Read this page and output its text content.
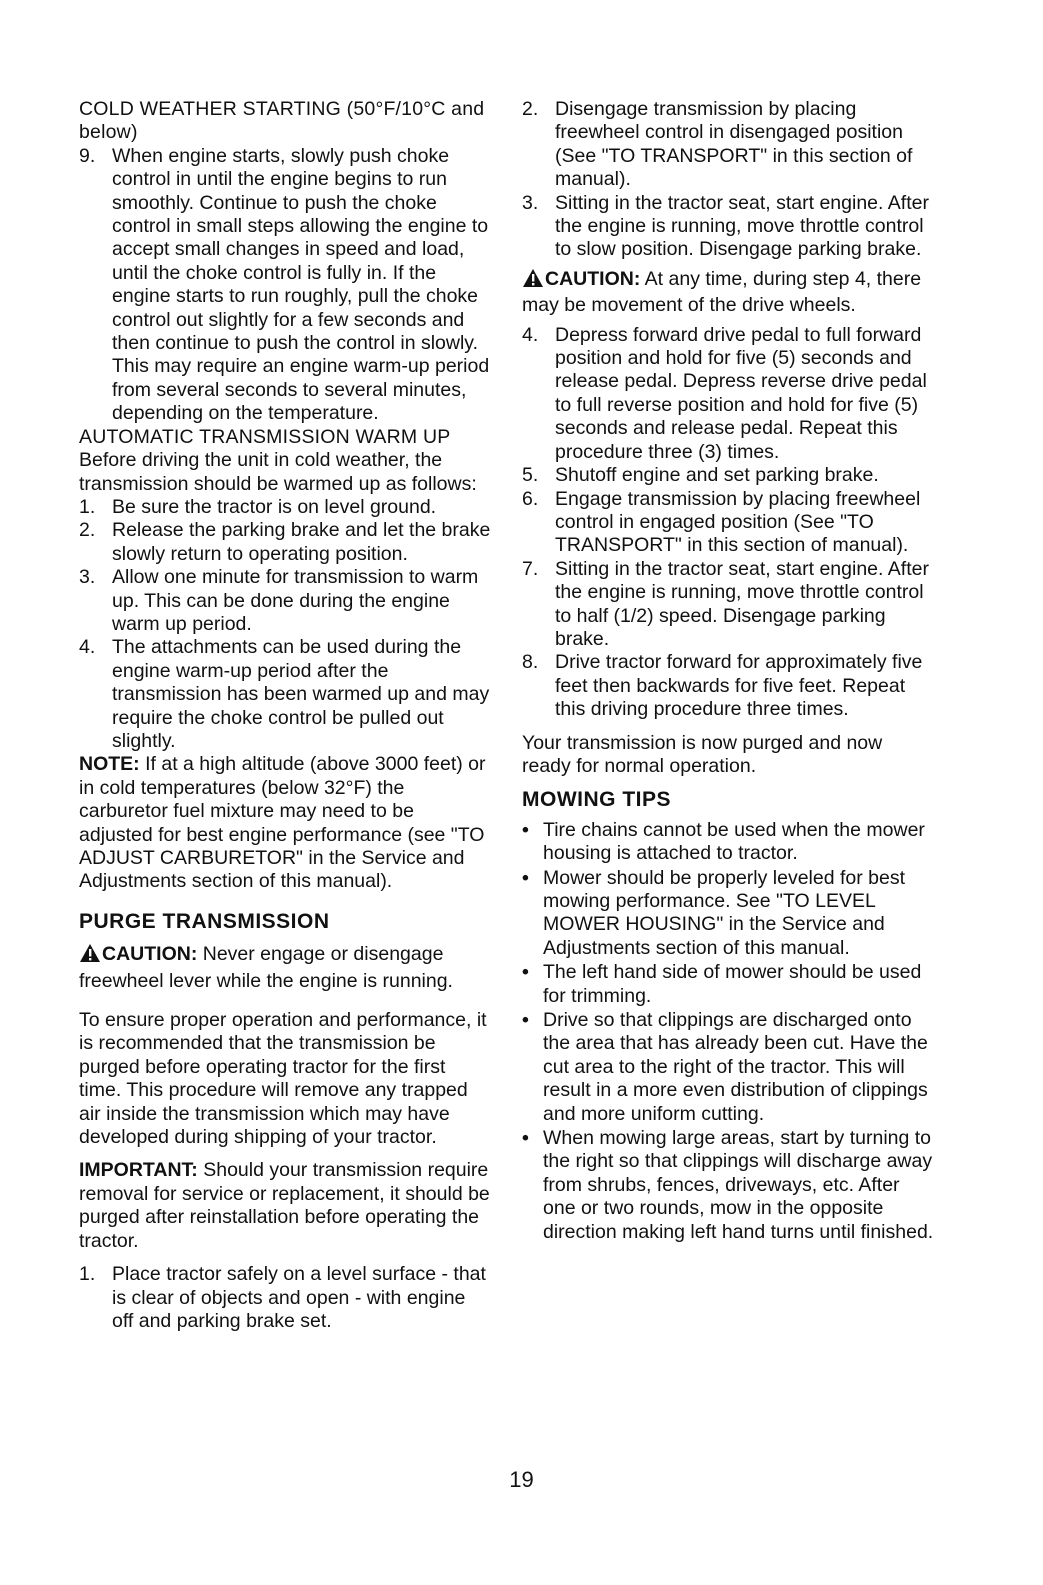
COLD WEATHER STARTING (50°F/10°C and below)

9. When engine starts, slowly push choke control in until the engine begins to run smoothly. Continue to push the choke control in small steps allowing the engine to accept small changes in speed and load, until the choke control is fully in. If the engine starts to run roughly, pull the choke control out slightly for a few seconds and then continue to push the control in slowly. This may require an engine warm-up period from several seconds to several minutes, depending on the temperature.

AUTOMATIC TRANSMISSION WARM UP

Before driving the unit in cold weather, the transmission should be warmed up as follows:

1. Be sure the tractor is on level ground.
2. Release the parking brake and let the brake slowly return to operating position.
3. Allow one minute for transmission to warm up. This can be done during the engine warm up period.
4. The attachments can be used during the engine warm-up period after the transmission has been warmed up and may require the choke control be pulled out slightly.

NOTE: If at a high altitude (above 3000 feet) or in cold temperatures (below 32°F) the carburetor fuel mixture may need to be adjusted for best engine performance (see "TO ADJUST CARBURETOR" in the Service and Adjustments section of this manual).

PURGE TRANSMISSION

CAUTION: Never engage or disengage freewheel lever while the engine is running.

To ensure proper operation and performance, it is recommended that the transmission be purged before operating tractor for the first time. This procedure will remove any trapped air inside the transmission which may have developed during shipping of your tractor.

IMPORTANT: Should your transmission require removal for service or replacement, it should be purged after reinstallation before operating the tractor.

1. Place tractor safely on a level surface - that is clear of objects and open - with engine off and parking brake set.
2. Disengage transmission by placing freewheel control in disengaged position (See "TO TRANSPORT" in this section of manual).
3. Sitting in the tractor seat, start engine. After the engine is running, move throttle control to slow position. Disengage parking brake.

CAUTION: At any time, during step 4, there may be movement of the drive wheels.

4. Depress forward drive pedal to full forward position and hold for five (5) seconds and release pedal. Depress reverse drive pedal to full reverse position and hold for five (5) seconds and release pedal. Repeat this procedure three (3) times.
5. Shutoff engine and set parking brake.
6. Engage transmission by placing freewheel control in engaged position (See "TO TRANSPORT" in this section of manual).
7. Sitting in the tractor seat, start engine. After the engine is running, move throttle control to half (1/2) speed. Disengage parking brake.
8. Drive tractor forward for approximately five feet then backwards for five feet. Repeat this driving procedure three times.

Your transmission is now purged and now ready for normal operation.

MOWING TIPS

• Tire chains cannot be used when the mower housing is attached to tractor.
• Mower should be properly leveled for best mowing performance. See "TO LEVEL MOWER HOUSING" in the Service and Adjustments section of this manual.
• The left hand side of mower should be used for trimming.
• Drive so that clippings are discharged onto the area that has already been cut. Have the cut area to the right of the tractor. This will result in a more even distribution of clippings and more uniform cutting.
• When mowing large areas, start by turning to the right so that clippings will discharge away from shrubs, fences, driveways, etc. After one or two rounds, mow in the opposite direction making left hand turns until finished.
19
